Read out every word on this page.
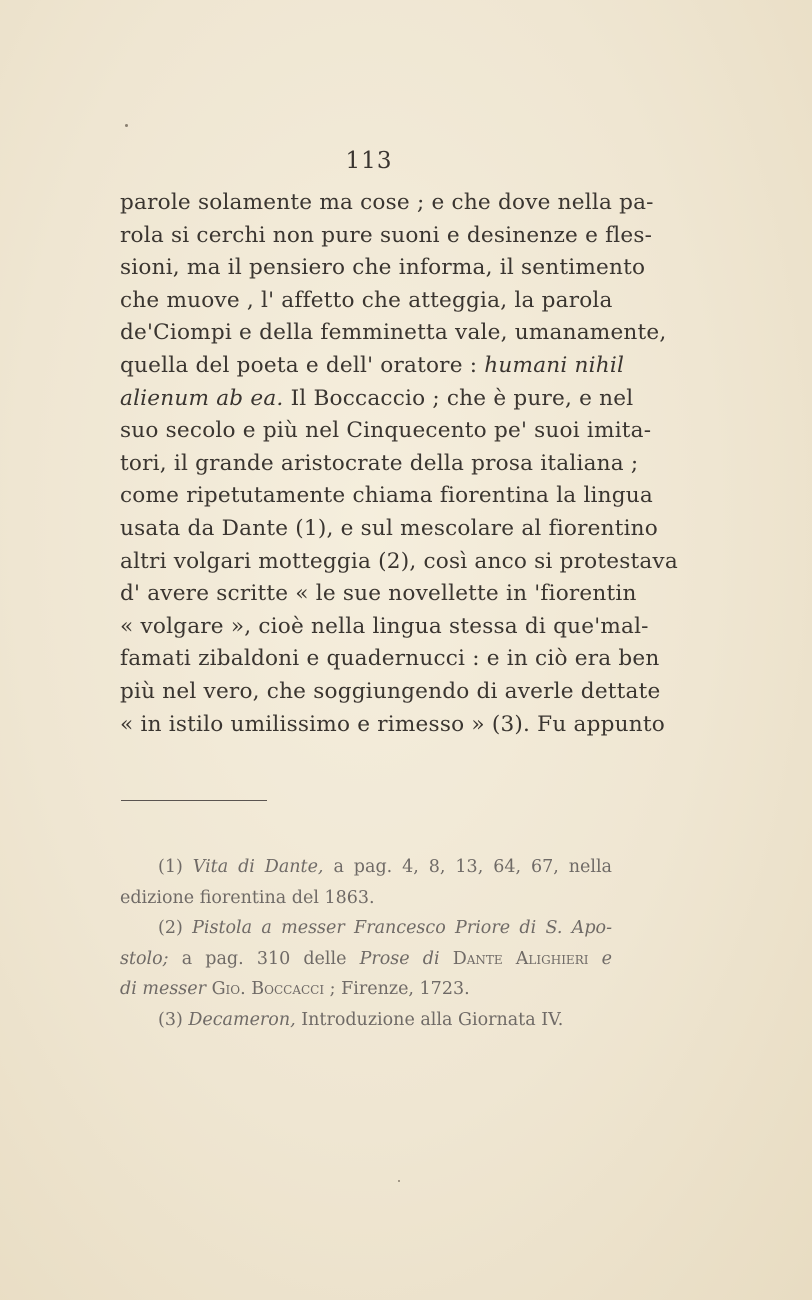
113
parole solamente ma cose ; e che dove nella pa-
rola si cerchi non pure suoni e desinenze e fles-
sioni, ma il pensiero che informa, il sentimento
che muove , l' affetto che atteggia, la parola
de'Ciompi e della femminetta vale, umanamente,
quella del poeta e dell' oratore : humani nihil
alienum ab ea. Il Boccaccio ; che è pure, e nel
suo secolo e più nel Cinquecento pe' suoi imita-
tori, il grande aristocrate della prosa italiana ;
come ripetutamente chiama fiorentina la lingua
usata da Dante (1), e sul mescolare al fiorentino
altri volgari motteggia (2), così anco si protestava
d' avere scritte « le sue novellette in 'fiorentin
« volgare », cioè nella lingua stessa di que'mal-
famati zibaldoni e quadernucci : e in ciò era ben
più nel vero, che soggiungendo di averle dettate
« in istilo umilissimo e rimesso » (3). Fu appunto
(1) Vita di Dante, a pag. 4, 8, 13, 64, 67, nella
edizione fiorentina del 1863.
(2) Pistola a messer Francesco Priore di S. Apo-
stolo; a pag. 310 delle Prose di Dante Alighieri e
di messer Gio. Boccacci ; Firenze, 1723.
(3) Decameron, Introduzione alla Giornata IV.
